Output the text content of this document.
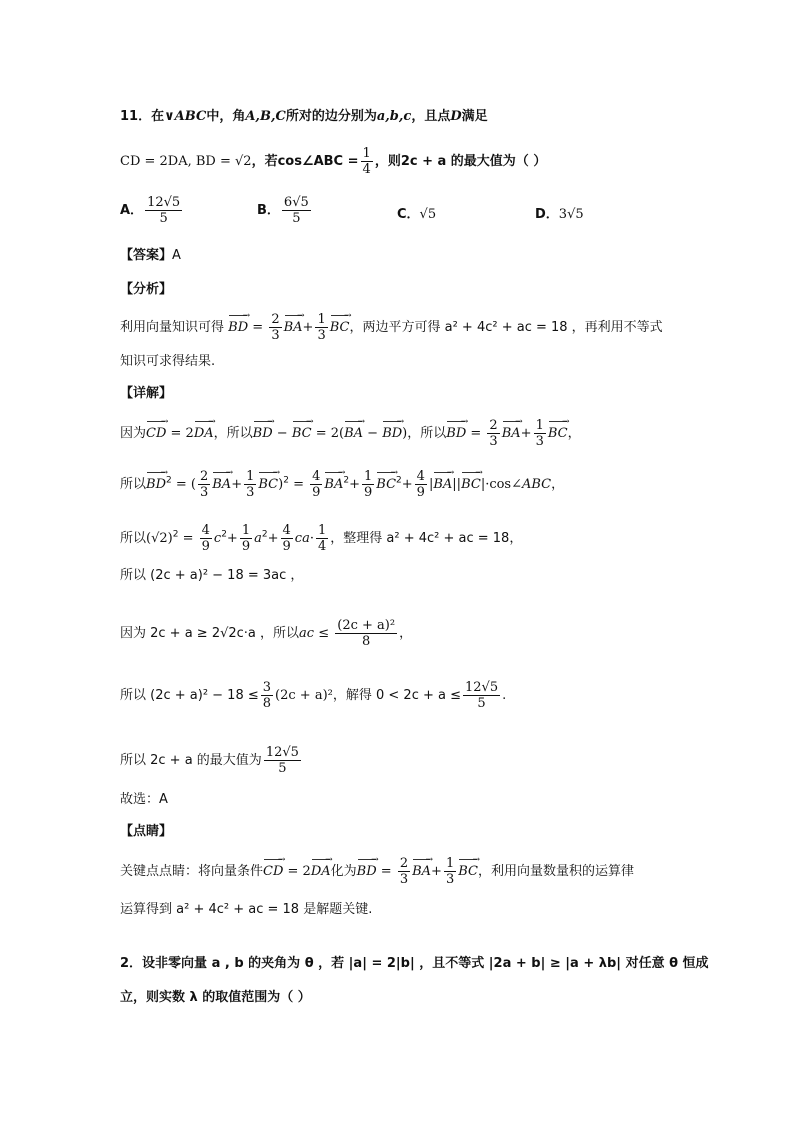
11．在∨ABC中，角A,B,C所对的边分别为a,b,c，且点D满足
CD = 2DA, BD = √2，若cos∠ABC = $\frac{1}{4}$ ，则2c + a 的最大值为（ ）
A． $\frac{12√5}{5}$	B． $\frac{6√5}{5}$	C．√5	D．3√5
【答案】A
【分析】
利用向量知识可得 BD → = $\frac{2}{3}$ BA →+ $\frac{1}{3}$ BC →，两边平方可得 a² + 4c² + ac = 18 ，再利用不等式
知识可求得结果.
【详解】
因为CD → = 2DA →，所以BD → − BC → = 2(BA → − BD →)，所以BD → = $\frac{2}{3}$ BA →+ $\frac{1}{3}$ BC →，
所以BD →$^2$ = ( $\frac{2}{3}$ BA →+ $\frac{1}{3}$ BC $\to)^2 = \frac{4}{9}$ BA $\to^2+ \frac{1}{9}$ BC $\to^2+ \frac{4}{9} |BA \to||BC$ →|·cos∠ABC，
所以$(√2)^2 = \frac{4}{9} c^2+ \frac{1}{9} a^2+ \frac{4}{9} ca\cdot \frac{1}{4}$ ，整理得 a² + 4c² + ac = 18，
所以 (2c + a)² − 18 = 3ac ，
因为 2c + a ≥ 2√2c·a ，所以ac ≤ $\frac{\text{(2c + a)²}}{8}$ ，
所以 $(2c + a)^2 - 18 \le \frac{3}{8} (2c + a)^2$，解得 $0 < 2c + a \le \frac{12√5}{5}$ .
所以 2c + a 的最大值为 $\frac{12√5}{5}$
故选：A
【点睛】
关键点点睛：将向量条件CD → = 2DA →化为BD → = $\frac{2}{3}$ BA →+ $\frac{1}{3}$ BC →，利用向量数量积的运算律
运算得到 a² + 4c² + ac = 18 是解题关键.
2．设非零向量 a , b 的夹角为 θ ，若 |a| = 2|b| ，且不等式 |2a + b| ≥ |a + λb| 对任意 θ 恒成
立，则实数 λ 的取值范围为（ ）
